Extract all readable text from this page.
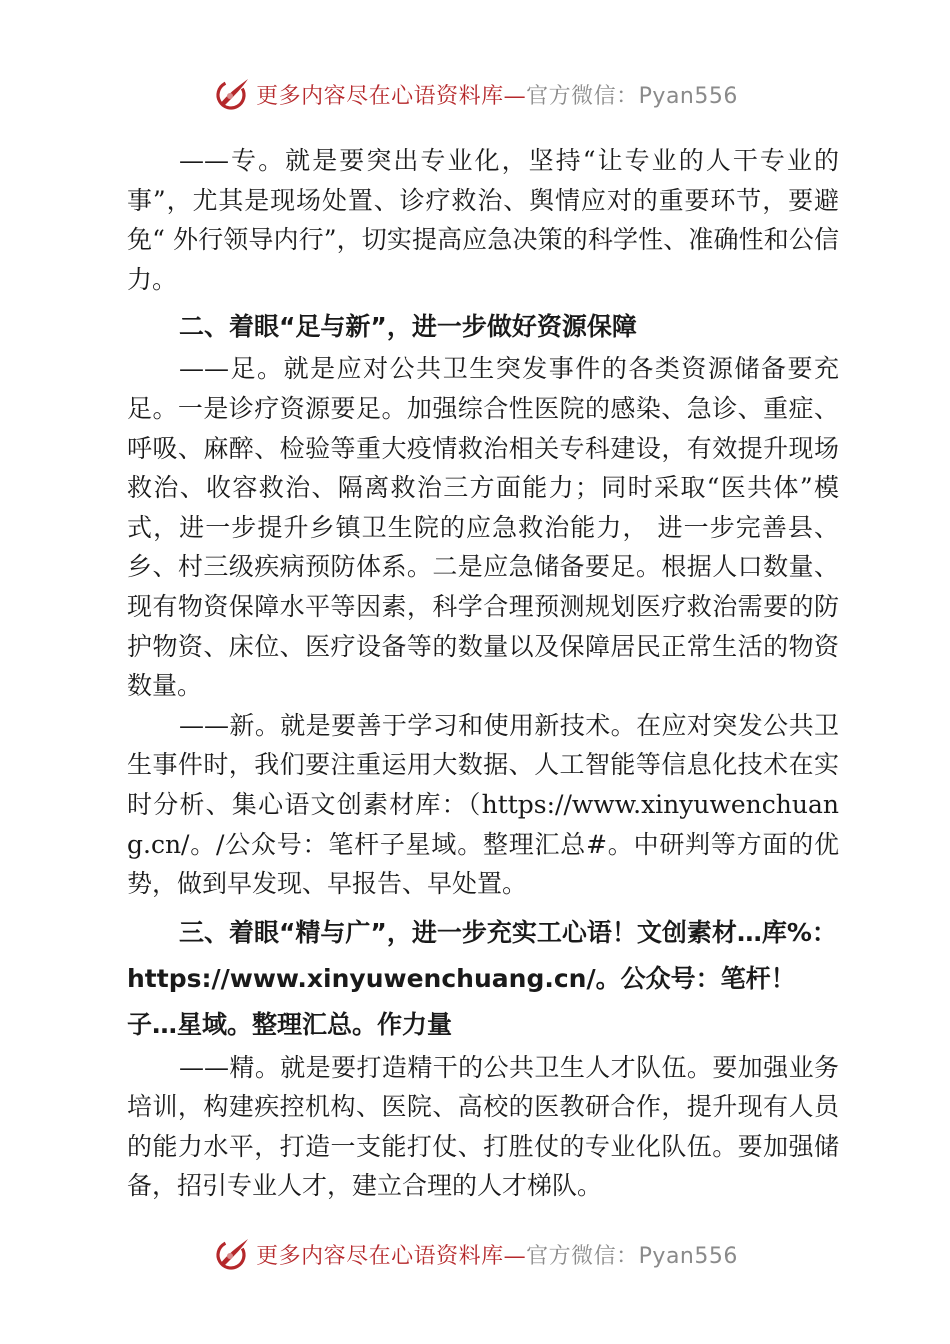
更多内容尽在心语资料库—官方微信：Pyan556

——专。就是要突出专业化，坚持“让专业的人干专业的事”，尤其是现场处置、诊疗救治、舆情应对的重要环节，要避免“ 外行领导内行”，切实提高应急决策的科学性、准确性和公信力。

二、着眼“足与新”，进一步做好资源保障

——足。就是应对公共卫生突发事件的各类资源储备要充足。一是诊疗资源要足。加强综合性医院的感染、急诊、重症、呼吸、麻醉、检验等重大疫情救治相关专科建设，有效提升现场救治、收容救治、隔离救治三方面能力；同时采取“医共体”模式，进一步提升乡镇卫生院的应急救治能力， 进一步完善县、乡、村三级疾病预防体系。二是应急储备要足。根据人口数量、现有物资保障水平等因素，科学合理预测规划医疗救治需要的防护物资、床位、医疗设备等的数量以及保障居民正常生活的物资数量。

——新。就是要善于学习和使用新技术。在应对突发公共卫生事件时，我们要注重运用大数据、人工智能等信息化技术在实时分析、集心语文创素材库：（https://www.xinyuwenchuang.cn/。/公众号：笔杆子星域。整理汇总#。中研判等方面的优势，做到早发现、早报告、早处置。

三、着眼“精与广”，进一步充实工心语！文创素材…库%：https://www.xinyuwenchuang.cn/。公众号：笔杆！子…星域。整理汇总。作力量

——精。就是要打造精干的公共卫生人才队伍。要加强业务培训，构建疾控机构、医院、高校的医教研合作，提升现有人员的能力水平，打造一支能打仗、打胜仗的专业化队伍。要加强储备，招引专业人才，建立合理的人才梯队。

更多内容尽在心语资料库—官方微信：Pyan556
